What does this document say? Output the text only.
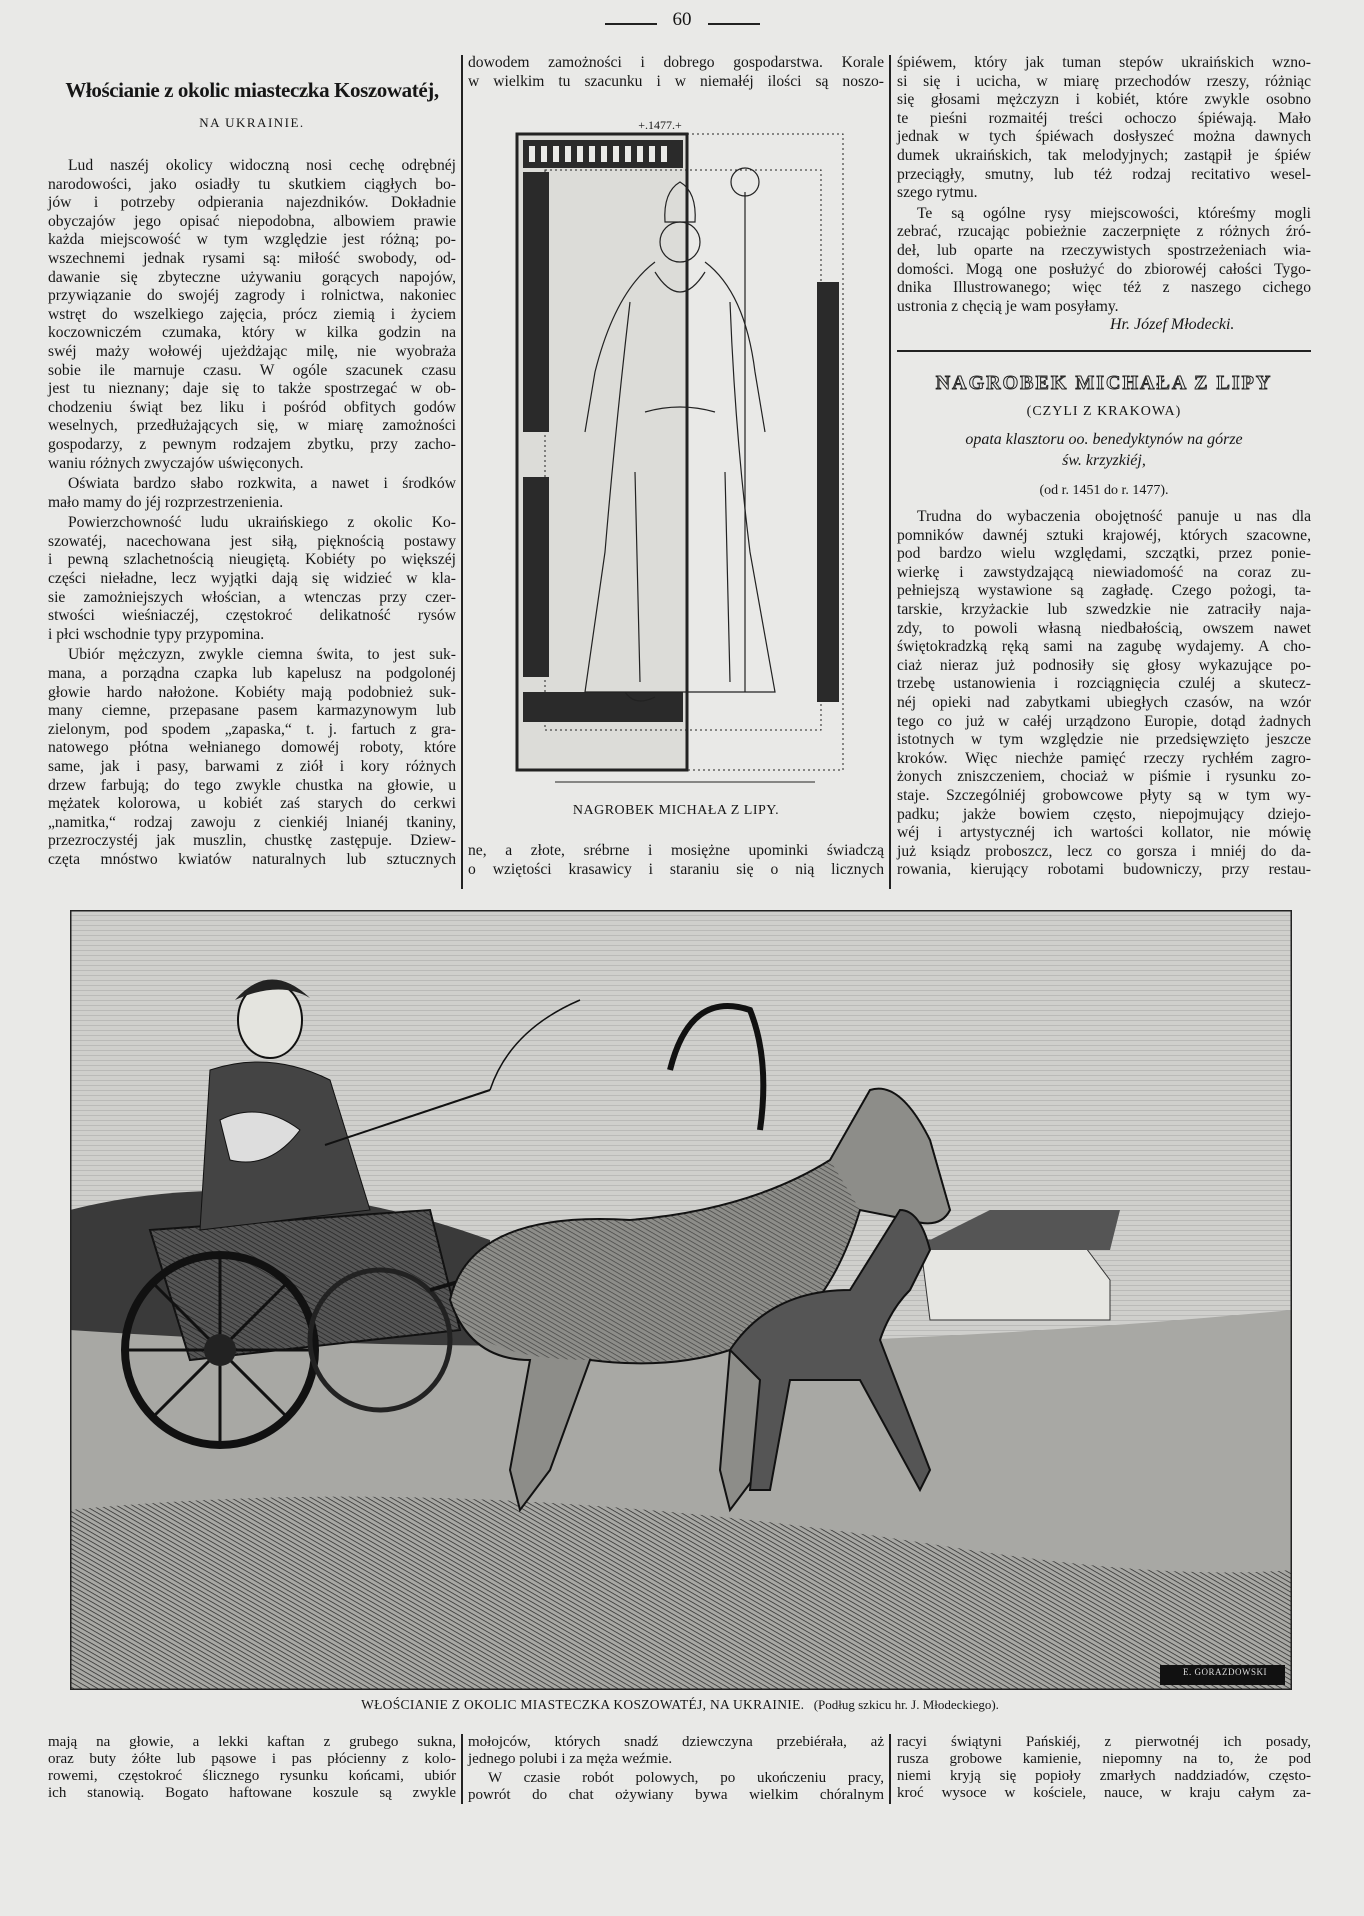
60
Włościanie z okolic miasteczka Koszowatéj,
NA UKRAINIE.
Lud naszéj okolicy widoczną nosi cechę odrębnéj
narodowości, jako osiadły tu skutkiem ciągłych bo-
jów i potrzeby odpierania najezdników. Dokładnie
obyczajów jego opisać niepodobna, albowiem prawie
każda miejscowość w tym względzie jest różną; po-
wszechnemi jednak rysami są: miłość swobody, od-
dawanie się zbyteczne używaniu gorących napojów,
przywiązanie do swojéj zagrody i rolnictwa, nakoniec
wstręt do wszelkiego zajęcia, prócz ziemią i życiem
koczowniczém czumaka, który w kilka godzin na
swéj maży wołowéj ujeżdżając milę, nie wyobraża
sobie ile marnuje czasu. W ogóle szacunek czasu
jest tu nieznany; daje się to także spostrzegać w ob-
chodzeniu świąt bez liku i pośród obfitych godów
weselnych, przedłużających się, w miarę zamożności
gospodarzy, z pewnym rodzajem zbytku, przy zacho-
waniu różnych zwyczajów uświęconych.
Oświata bardzo słabo rozkwita, a nawet i środków
mało mamy do jéj rozprzestrzenienia.
Powierzchowność ludu ukraińskiego z okolic Ko-
szowatéj, nacechowana jest siłą, pięknością postawy
i pewną szlachetnością nieugiętą. Kobiéty po większéj
części nieładne, lecz wyjątki dają się widzieć w kla-
sie zamożniejszych włościan, a wtenczas przy czer-
stwości wieśniaczéj, częstokroć delikatność rysów
i płci wschodnie typy przypomina.
Ubiór mężczyzn, zwykle ciemna świta, to jest suk-
mana, a porządna czapka lub kapelusz na podgolonéj
głowie hardo nałożone. Kobiéty mają podobnież suk-
many ciemne, przepasane pasem karmazynowym lub
zielonym, pod spodem „zapaska,“ t. j. fartuch z gra-
natowego płótna wełnianego domowéj roboty, które
same, jak i pasy, barwami z ziół i kory różnych
drzew farbują; do tego zwykle chustka na głowie, u
mężatek kolorowa, u kobiét zaś starych do cerkwi
„namitka,“ rodzaj zawoju z cienkiéj lnianéj tkaniny,
przezroczystéj jak muszlin, chustkę zastępuje. Dziew-
częta mnóstwo kwiatów naturalnych lub sztucznych
dowodem zamożności i dobrego gospodarstwa. Korale
w wielkim tu szacunku i w niemałéj ilości są noszo-
+.1477.+
NAGROBEK MICHAŁA Z LIPY.
ne, a złote, srébrne i mosiężne upominki świadczą
o wziętości krasawicy i staraniu się o nią licznych
śpiéwem, który jak tuman stepów ukraińskich wzno-
si się i ucicha, w miarę przechodów rzeszy, różniąc
się głosami mężczyzn i kobiét, które zwykle osobno
te pieśni rozmaitéj treści ochoczo śpiéwają. Mało
jednak w tych śpiéwach dosłyszeć można dawnych
dumek ukraińskich, tak melodyjnych; zastąpił je śpiéw
przeciągły, smutny, lub téż rodzaj recitativo wesel-
szego rytmu.
Te są ogólne rysy miejscowości, któreśmy mogli
zebrać, rzucając pobieżnie zaczerpnięte z różnych źró-
deł, lub oparte na rzeczywistych spostrzeżeniach wia-
domości. Mogą one posłużyć do zbiorowéj całości Tygo-
dnika Illustrowanego; więc téż z naszego cichego
ustronia z chęcią je wam posyłamy.
Hr. Józef Młodecki.
NAGROBEK MICHAŁA Z LIPY
(CZYLI Z KRAKOWA)
opata klasztoru oo. benedyktynów na górze
św. krzyzkiéj,
(od r. 1451 do r. 1477).
Trudna do wybaczenia obojętność panuje u nas dla
pomników dawnéj sztuki krajowéj, których szacowne,
pod bardzo wielu względami, szczątki, przez ponie-
wierkę i zawstydzającą niewiadomość na coraz zu-
pełniejszą wystawione są zagładę. Czego pożogi, ta-
tarskie, krzyżackie lub szwedzkie nie zatraciły naja-
zdy, to powoli własną niedbałością, owszem nawet
świętokradzką ręką sami na zagubę wydajemy. A cho-
ciaż nieraz już podnosiły się głosy wykazujące po-
trzebę ustanowienia i rozciągnięcia czuléj a skutecz-
néj opieki nad zabytkami ubiegłych czasów, na wzór
tego co już w całéj urządzono Europie, dotąd żadnych
istotnych w tym względzie nie przedsięwzięto jeszcze
kroków. Więc niechże pamięć rzeczy rychłém zagro-
żonych zniszczeniem, chociaż w piśmie i rysunku zo-
staje. Szczególniéj grobowcowe płyty są w tym wy-
padku; jakże bowiem często, niepojmujący dziejo-
wéj i artystycznéj ich wartości kollator, nie mówię
już ksiądz proboszcz, lecz co gorsza i mniéj do da-
rowania, kierujący robotami budowniczy, przy restau-
E. GORAZDOWSKI
WŁOŚCIANIE Z OKOLIC MIASTECZKA KOSZOWATÉJ, NA UKRAINIE. (Podług szkicu hr. J. Młodeckiego).
mają na głowie, a lekki kaftan z grubego sukna,
oraz buty żółte lub pąsowe i pas płócienny z kolo-
rowemi, częstokroć ślicznego rysunku końcami, ubiór
ich stanowią. Bogato haftowane koszule są zwykle
mołojców, których snadź dziewczyna przebiérała, aż
jednego polubi i za męża weźmie.
W czasie robót polowych, po ukończeniu pracy,
powrót do chat ożywiany bywa wielkim chóralnym
racyi świątyni Pańskiéj, z pierwotnéj ich posady,
rusza grobowe kamienie, niepomny na to, że pod
niemi kryją się popioły zmarłych naddziadów, często-
kroć wysoce w kościele, nauce, w kraju całym za-
